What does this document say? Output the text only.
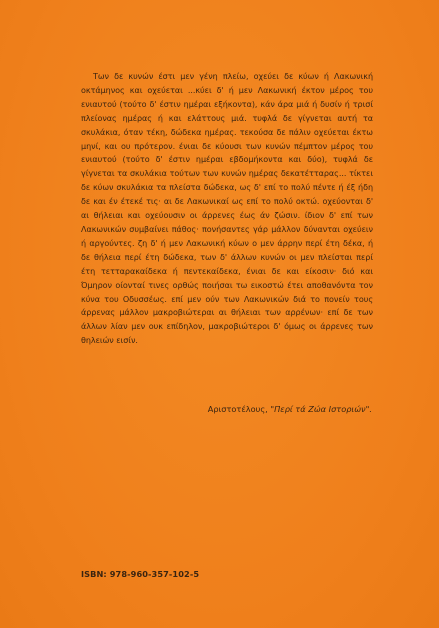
Των δε κυνών έστι μεν γένη πλείω, οχεύει δε κύων ή Λακωνική οκτάμηνος και οχεύεται ...κύει δ' ή μεν Λακωνική έκτον μέρος του ενιαυτού (τούτο δ' έστιν ημέραι εξήκοντα), κάν άρα μιά ή δυσίν ή τρισί πλείονας ημέρας ή και ελάττους μιά. τυφλά δε γίγνεται αυτή τα σκυλάκια, όταν τέκη, δώδεκα ημέρας. τεκούσα δε πάλιν οχεύεται έκτω μηνί, και ου πρότερον. ένιαι δε κύουσι των κυνών πέμπτον μέρος του ενιαυτού (τούτο δ' έστιν ημέραι εβδομήκοντα και δύο), τυφλά δε γίγνεται τα σκυλάκια τούτων των κυνών ημέρας δεκατέτταρας... τίκτει δε κύων σκυλάκια τα πλείστα δώδεκα, ως δ' επί το πολύ πέντε ή έξ ήδη δε και έν έτεκέ τις· αι δε Λακωνικαί ως επί το πολύ οκτώ. οχεύονται δ' αι θήλειαι και οχεύουσιν οι άρρενες έως άν ζώσιν. ίδιον δ' επί των Λακωνικών συμβαίνει πάθος· πονήσαντες γάρ μάλλον δύνανται οχεύειν ή αργούντες. ζη δ' ή μεν Λακωνική κύων ο μεν άρρην περί έτη δέκα, ή δε θήλεια περί έτη δώδεκα, των δ' άλλων κυνών οι μεν πλείσται περί έτη τετταρακαίδεκα ή πεντεκαίδεκα, ένιαι δε και είκοσιν· διό και Όμηρον οίονταί τινες ορθώς ποιήσαι τω εικοστώ έτει αποθανόντα τον κύνα του Οδυσσέως. επί μεν ούν των Λακωνικών διά το πονείν τους άρρενας μάλλον μακροβιώτεραι αι θήλειαι των αρρένων· επί δε των άλλων λίαν μεν ουκ επίδηλον, μακροβιώτεροι δ' όμως οι άρρενες των θηλειών εισίν.

Αριστοτέλους, "Περί τά Ζώα Ιστοριών".
ISBN: 978-960-357-102-5
